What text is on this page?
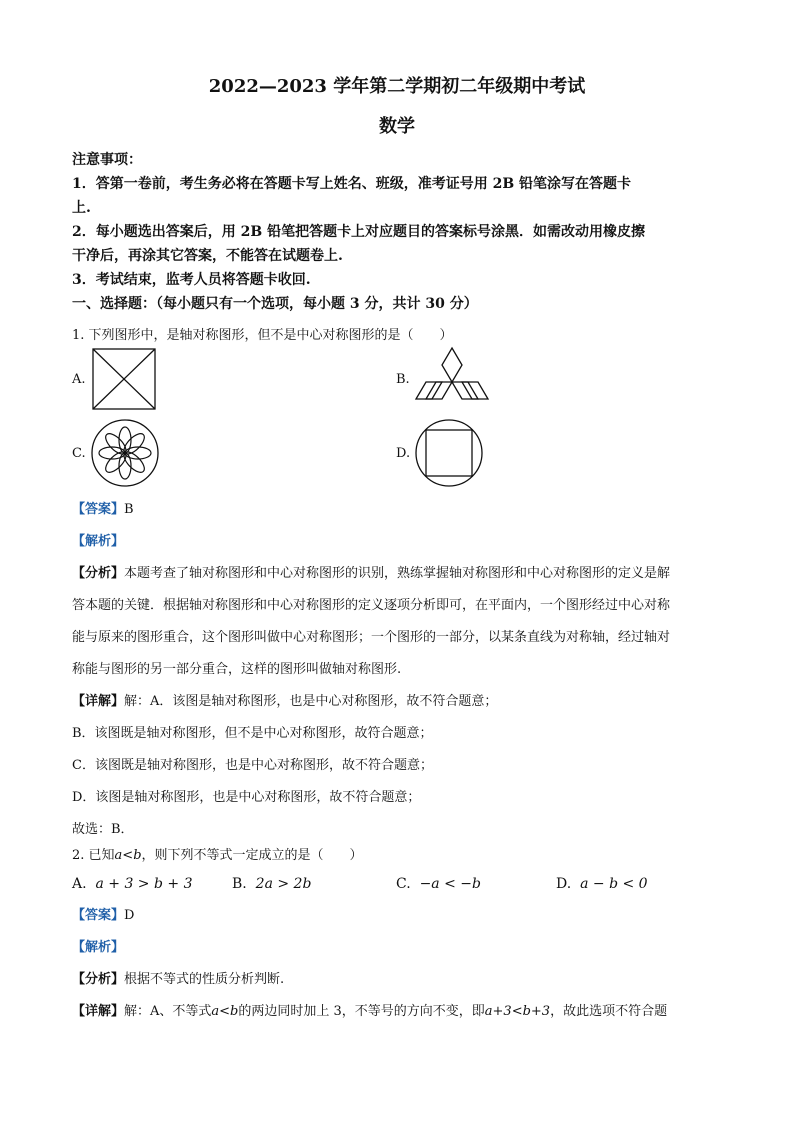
2022—2023 学年第二学期初二年级期中考试
数学
注意事项：
1．答第一卷前，考生务必将在答题卡写上姓名、班级，准考证号用 2B 铅笔涂写在答题卡
上.
2．每小题选出答案后，用 2B 铅笔把答题卡上对应题目的答案标号涂黑．如需改动用橡皮擦
干净后，再涂其它答案，不能答在试题卷上.
3．考试结束，监考人员将答题卡收回.
一、选择题：（每小题只有一个选项，每小题 3 分，共计 30 分）
1. 下列图形中，是轴对称图形，但不是中心对称图形的是（　　）
A.	B.
C.	D.
【答案】B
【解析】
【分析】本题考查了轴对称图形和中心对称图形的识别，熟练掌握轴对称图形和中心对称图形的定义是解
答本题的关键．根据轴对称图形和中心对称图形的定义逐项分析即可，在平面内，一个图形经过中心对称
能与原来的图形重合，这个图形叫做中心对称图形；一个图形的一部分，以某条直线为对称轴，经过轴对
称能与图形的另一部分重合，这样的图形叫做轴对称图形.
【详解】解：A．该图是轴对称图形，也是中心对称图形，故不符合题意；
B．该图既是轴对称图形，但不是中心对称图形，故符合题意；
C．该图既是轴对称图形，也是中心对称图形，故不符合题意；
D．该图是轴对称图形，也是中心对称图形，故不符合题意；
故选：B．
2. 已知a<b，则下列不等式一定成立的是（　　）
A. a + 3 > b + 3	B. 2a > 2b	C. −a < −b	D. a − b < 0
【答案】D
【解析】
【分析】根据不等式的性质分析判断.
【详解】解：A、不等式a<b的两边同时加上 3，不等号的方向不变，即a+3<b+3，故此选项不符合题
